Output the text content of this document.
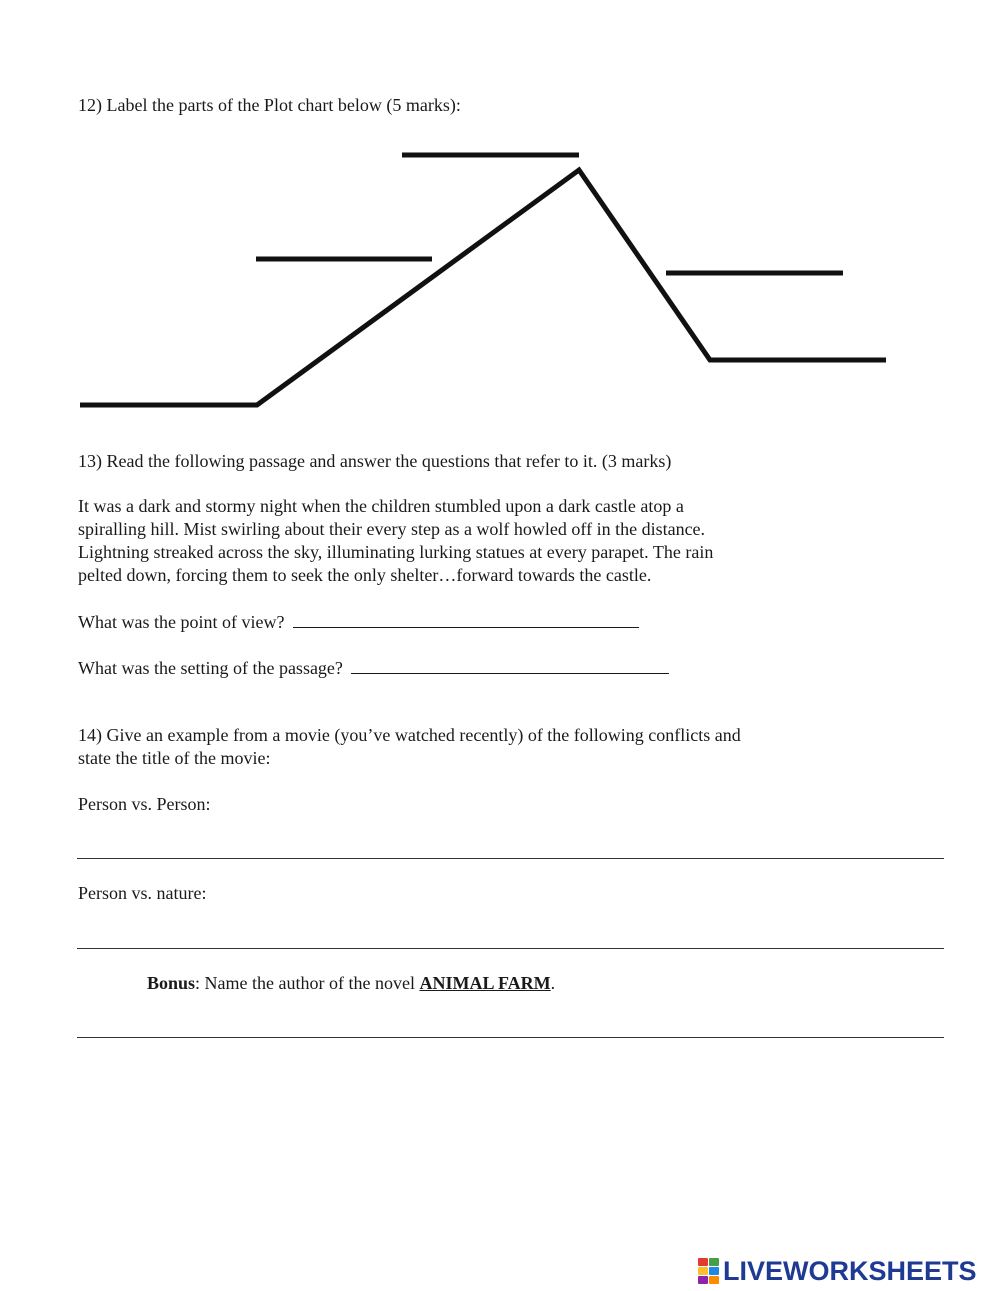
12) Label the parts of the Plot chart below (5 marks):
13) Read the following passage and answer the questions that refer to it. (3 marks)
It was a dark and stormy night when the children stumbled upon a dark castle atop a
spiralling hill. Mist swirling about their every step as a wolf howled off in the distance.
Lightning streaked across the sky, illuminating lurking statues at every parapet. The rain
pelted down, forcing them to seek the only shelter…forward towards the castle.
What was the point of view?
What was the setting of the passage?
14) Give an example from a movie (you’ve watched recently) of the following conflicts and
state the title of the movie:
Person vs. Person:
Person vs. nature:
Bonus: Name the author of the novel ANIMAL FARM.
LIVEWORKSHEETS
